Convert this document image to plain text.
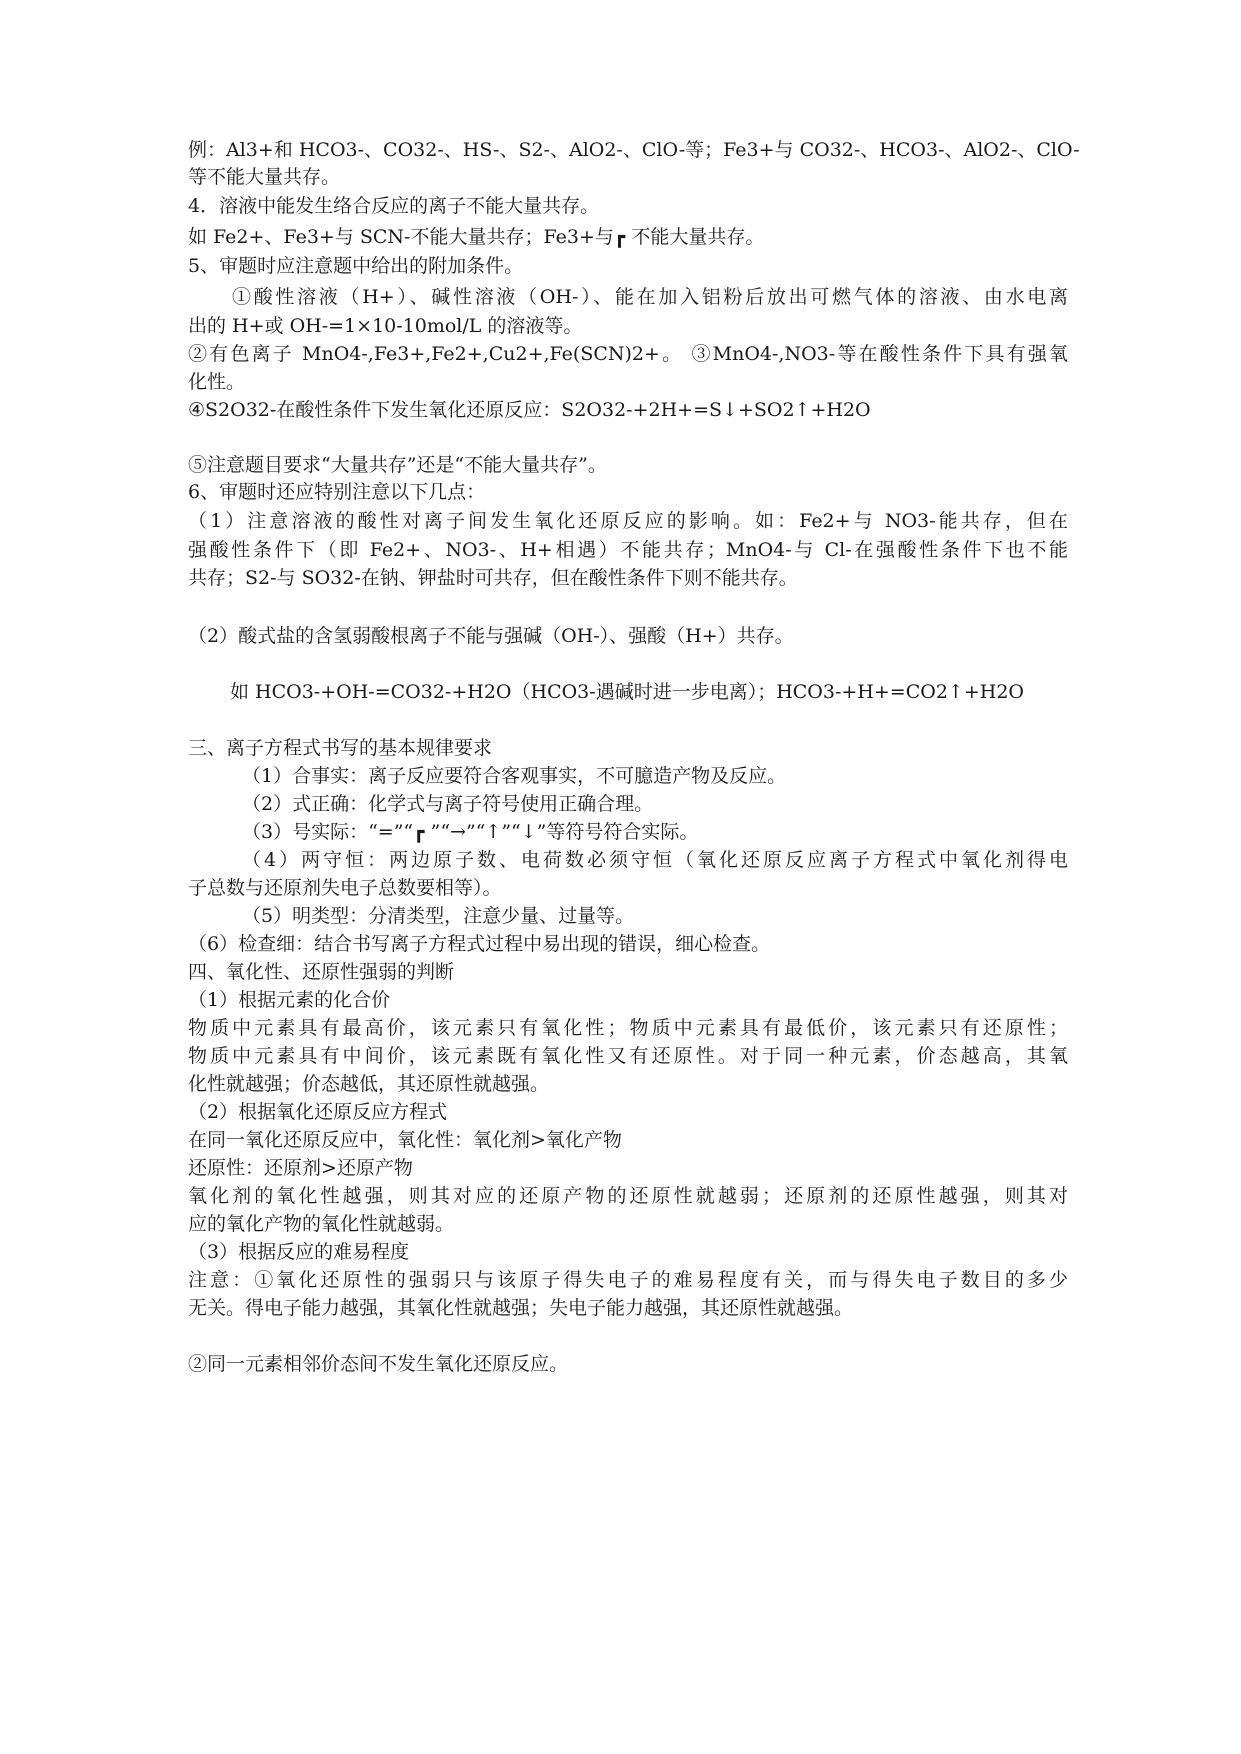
例：Al3+和 HCO3-、CO32-、HS-、S2-、AlO2-、ClO-等；Fe3+与 CO32-、HCO3-、AlO2-、ClO-
等不能大量共存。
4．溶液中能发生络合反应的离子不能大量共存。
如 Fe2+、Fe3+与 SCN-不能大量共存；Fe3+与┏ 不能大量共存。
5、审题时应注意题中给出的附加条件。
①酸性溶液（H+）、碱性溶液（OH-）、能在加入铝粉后放出可燃气体的溶液、由水电离
出的 H+或 OH-=1×10-10mol/L 的溶液等。
②有色离子 MnO4-,Fe3+,Fe2+,Cu2+,Fe(SCN)2+。 ③MnO4-,NO3-等在酸性条件下具有强氧
化性。
④S2O32-在酸性条件下发生氧化还原反应：S2O32-+2H+=S↓+SO2↑+H2O
⑤注意题目要求“大量共存”还是“不能大量共存”。
6、审题时还应特别注意以下几点：
（1）注意溶液的酸性对离子间发生氧化还原反应的影响。如：Fe2+与 NO3-能共存，但在
强酸性条件下（即 Fe2+、NO3-、H+相遇）不能共存；MnO4-与 Cl-在强酸性条件下也不能
共存；S2-与 SO32-在钠、钾盐时可共存，但在酸性条件下则不能共存。
（2）酸式盐的含氢弱酸根离子不能与强碱（OH-）、强酸（H+）共存。
如 HCO3-+OH-=CO32-+H2O（HCO3-遇碱时进一步电离）；HCO3-+H+=CO2↑+H2O
三、离子方程式书写的基本规律要求
（1）合事实：离子反应要符合客观事实，不可臆造产物及反应。
（2）式正确：化学式与离子符号使用正确合理。
（3）号实际：“=”“┏ ”“→”“↑”“↓”等符号符合实际。
（4）两守恒：两边原子数、电荷数必须守恒（氧化还原反应离子方程式中氧化剂得电
子总数与还原剂失电子总数要相等）。
（5）明类型：分清类型，注意少量、过量等。
（6）检查细：结合书写离子方程式过程中易出现的错误，细心检查。
四、氧化性、还原性强弱的判断
（1）根据元素的化合价
物质中元素具有最高价，该元素只有氧化性；物质中元素具有最低价，该元素只有还原性；
物质中元素具有中间价，该元素既有氧化性又有还原性。对于同一种元素，价态越高，其氧
化性就越强；价态越低，其还原性就越强。
（2）根据氧化还原反应方程式
在同一氧化还原反应中，氧化性：氧化剂>氧化产物
还原性：还原剂>还原产物
氧化剂的氧化性越强，则其对应的还原产物的还原性就越弱；还原剂的还原性越强，则其对
应的氧化产物的氧化性就越弱。
（3）根据反应的难易程度
注意：①氧化还原性的强弱只与该原子得失电子的难易程度有关，而与得失电子数目的多少
无关。得电子能力越强，其氧化性就越强；失电子能力越强，其还原性就越强。
②同一元素相邻价态间不发生氧化还原反应。
